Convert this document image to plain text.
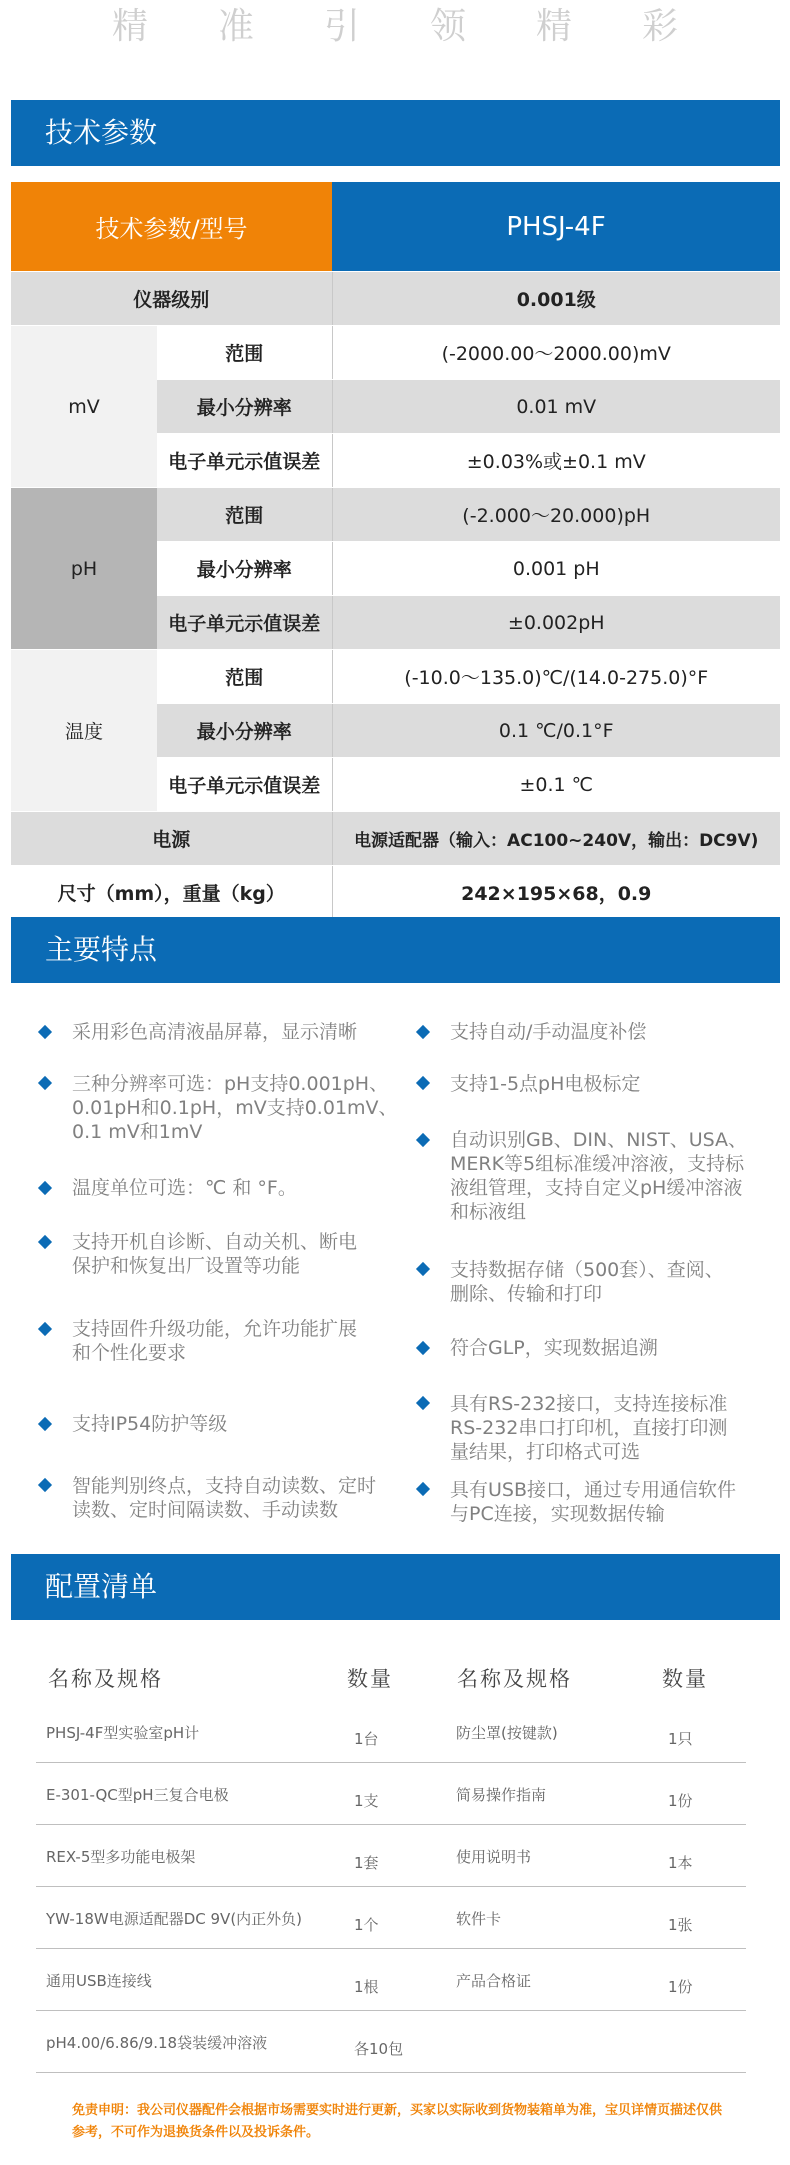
精 准 引 领 精 彩
技术参数
技术参数/型号		PHSJ-4F
仪器级别		0.001级
mV	范围	(-2000.00～2000.00)mV
	最小分辨率	0.01 mV
	电子单元示值误差	±0.03%或±0.1 mV
pH	范围	(-2.000～20.000)pH
	最小分辨率	0.001 pH
	电子单元示值误差	±0.002pH
温度	范围	(-10.0～135.0)℃/(14.0-275.0)°F
	最小分辨率	0.1 ℃/0.1°F
	电子单元示值误差	±0.1 ℃
电源		电源适配器（输入：AC100~240V，输出：DC9V)
尺寸（mm），重量（kg）		242×195×68，0.9
主要特点
采用彩色高清液晶屏幕，显示清晰
三种分辨率可选：pH支持0.001pH、
0.01pH和0.1pH，mV支持0.01mV、
0.1 mV和1mV
温度单位可选：℃ 和 °F。
支持开机自诊断、自动关机、断电
保护和恢复出厂设置等功能
支持固件升级功能，允许功能扩展
和个性化要求
支持IP54防护等级
智能判别终点，支持自动读数、定时
读数、定时间隔读数、手动读数
支持自动/手动温度补偿
支持1-5点pH电极标定
自动识别GB、DIN、NIST、USA、
MERK等5组标准缓冲溶液，支持标
液组管理，支持自定义pH缓冲溶液
和标液组
支持数据存储（500套）、查阅、
删除、传输和打印
符合GLP，实现数据追溯
具有RS-232接口，支持连接标准
RS-232串口打印机，直接打印测
量结果，打印格式可选
具有USB接口，通过专用通信软件
与PC连接，实现数据传输
配置清单
名称及规格	数量	名称及规格	数量
PHSJ-4F型实验室pH计	1台	防尘罩(按键款)	1只
E-301-QC型pH三复合电极	1支	简易操作指南	1份
REX-5型多功能电极架	1套	使用说明书	1本
YW-18W电源适配器DC 9V(内正外负)	1个	软件卡	1张
通用USB连接线	1根	产品合格证	1份
pH4.00/6.86/9.18袋装缓冲溶液	各10包
免责申明：我公司仪器配件会根据市场需要实时进行更新，买家以实际收到货物装箱单为准，宝贝详情页描述仅供参考，不可作为退换货条件以及投诉条件。
